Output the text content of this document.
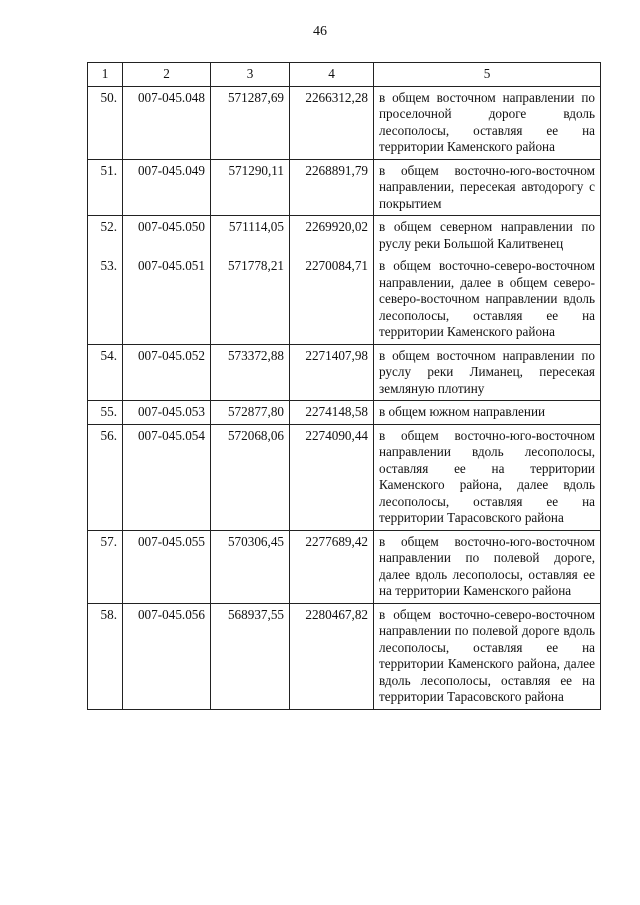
46
1	2	3	4	5
50.	007-045.048	571287,69	2266312,28	в общем восточном направлении по проселочной дороге вдоль лесополосы, оставляя ее на территории Каменского района
51.	007-045.049	571290,11	2268891,79	в общем восточно-юго-восточном направлении, пересекая автодорогу с покрытием
52.	007-045.050	571114,05	2269920,02	в общем северном направлении по руслу реки Большой Калитвенец
53.	007-045.051	571778,21	2270084,71	в общем восточно-северо-восточном направлении, далее в общем северо-северо-восточном направлении вдоль лесополосы, оставляя ее на территории Каменского района
54.	007-045.052	573372,88	2271407,98	в общем восточном направлении по руслу реки Лиманец, пересекая земляную плотину
55.	007-045.053	572877,80	2274148,58	в общем южном направлении
56.	007-045.054	572068,06	2274090,44	в общем восточно-юго-восточном направлении вдоль лесополосы, оставляя ее на территории Каменского района, далее вдоль лесополосы, оставляя ее на территории Тарасовского района
57.	007-045.055	570306,45	2277689,42	в общем восточно-юго-восточном направлении по полевой дороге, далее вдоль лесополосы, оставляя ее на территории Каменского района
58.	007-045.056	568937,55	2280467,82	в общем восточно-северо-восточном направлении по полевой дороге вдоль лесополосы, оставляя ее на территории Каменского района, далее вдоль лесополосы, оставляя ее на территории Тарасовского района
